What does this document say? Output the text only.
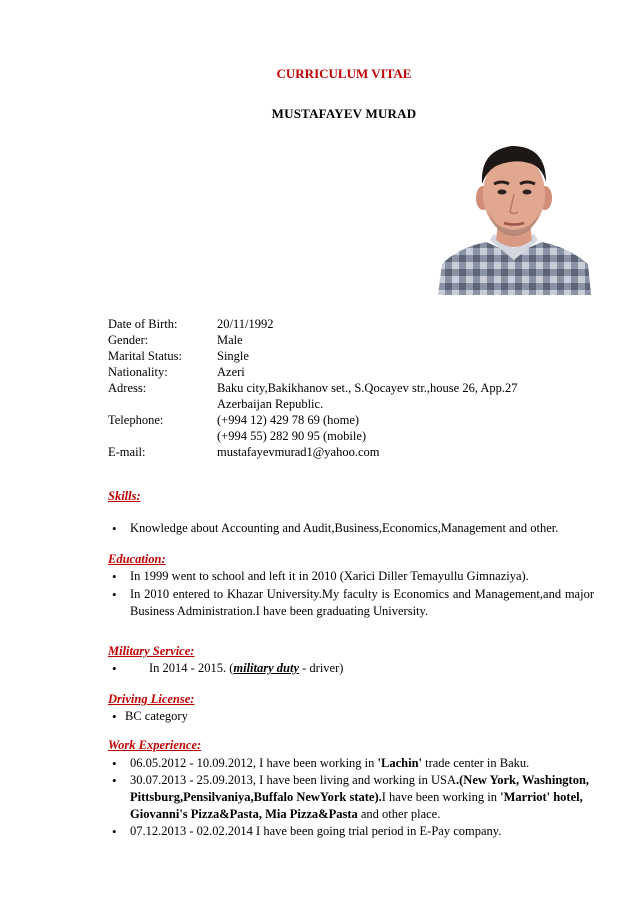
CURRICULUM VITAE
MUSTAFAYEV MURAD
Date of Birth:	20/11/1992
Gender:	Male
Marital Status:	Single
Nationality:	Azeri
Adress:	Baku city,Bakikhanov set., S.Qocayev str.,house 26, App.27
Azerbaijan Republic.
Telephone:	(+994 12) 429 78 69 (home)
(+994 55) 282 90 95 (mobile)
E-mail:	mustafayevmurad1@yahoo.com
Skills:
• Knowledge about Accounting and Audit,Business,Economics,Management and other.
Education:
• In 1999 went to school and left it in 2010 (Xarici Diller Temayullu Gimnaziya).
• In 2010 entered to Khazar University.My faculty is Economics and Management,and major Business Administration.I have been graduating University.
Military Service:
• In 2014 - 2015. (military duty - driver)
Driving License:
• BC category
Work Experience:
• 06.05.2012 - 10.09.2012, I have been working in 'Lachin' trade center in Baku.
• 30.07.2013 - 25.09.2013, I have been living and working in USA.(New York, Washington, Pittsburg,Pensilvaniya,Buffalo NewYork state).I have been working in 'Marriot' hotel, Giovanni's Pizza&Pasta, Mia Pizza&Pasta and other place.
• 07.12.2013 - 02.02.2014 I have been going trial period in E-Pay company.
